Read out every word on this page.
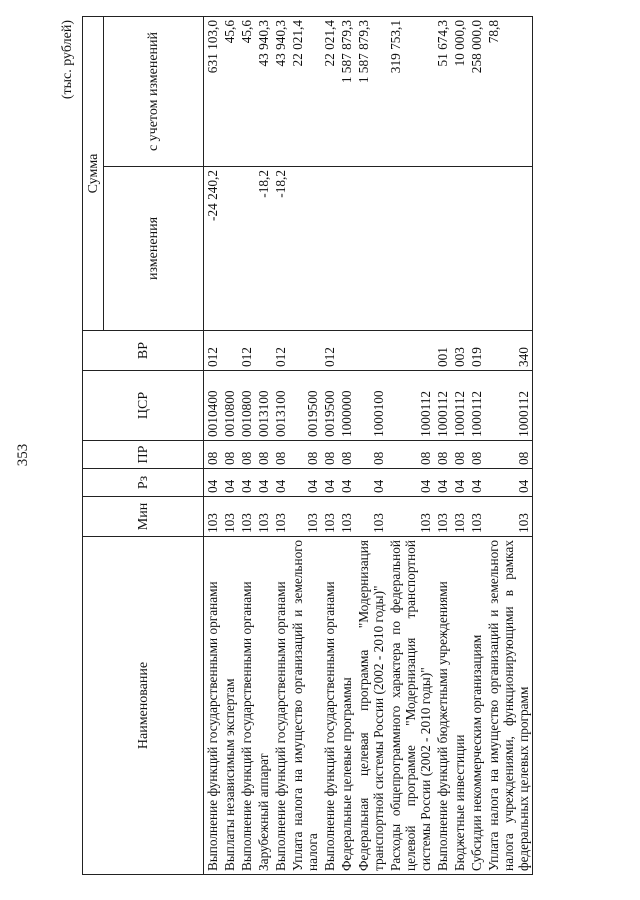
353
(тыс. рублей)
Наименование	Мин	Рз	ПР	ЦСР	ВР	Сумма	
						изменения	с учетом изменений
Выполнение функций государственными органами	103	04	08	0010400	012	-24 240,2	631 103,0
Выплаты независимым экспертам	103	04	08	0010800			45,6
Выполнение функций государственными органами	103	04	08	0010800	012		45,6
Зарубежный аппарат	103	04	08	0013100		-18,2	43 940,3
Выполнение функций государственными органами	103	04	08	0013100	012	-18,2	43 940,3
Уплата налога на имущество организаций и земельного налога	103	04	08	0019500			22 021,4
Выполнение функций государственными органами	103	04	08	0019500	012		22 021,4
Федеральные целевые программы	103	04	08	1000000			1 587 879,3
Федеральная целевая программа "Модернизация транспортной системы России (2002 - 2010 годы)"	103	04	08	1000100			1 587 879,3
Расходы общепрограммного характера по федеральной целевой программе "Модернизация транспортной системы России (2002 - 2010 годы)"	103	04	08	1000112			319 753,1
Выполнение функций бюджетными учреждениями	103	04	08	1000112	001		51 674,3
Бюджетные инвестиции	103	04	08	1000112	003		10 000,0
Субсидии некоммерческим организациям	103	04	08	1000112	019		258 000,0
Уплата налога на имущество организаций и земельного налога учреждениями, функционирующими в рамках федеральных целевых программ	103	04	08	1000112	340		78,8
